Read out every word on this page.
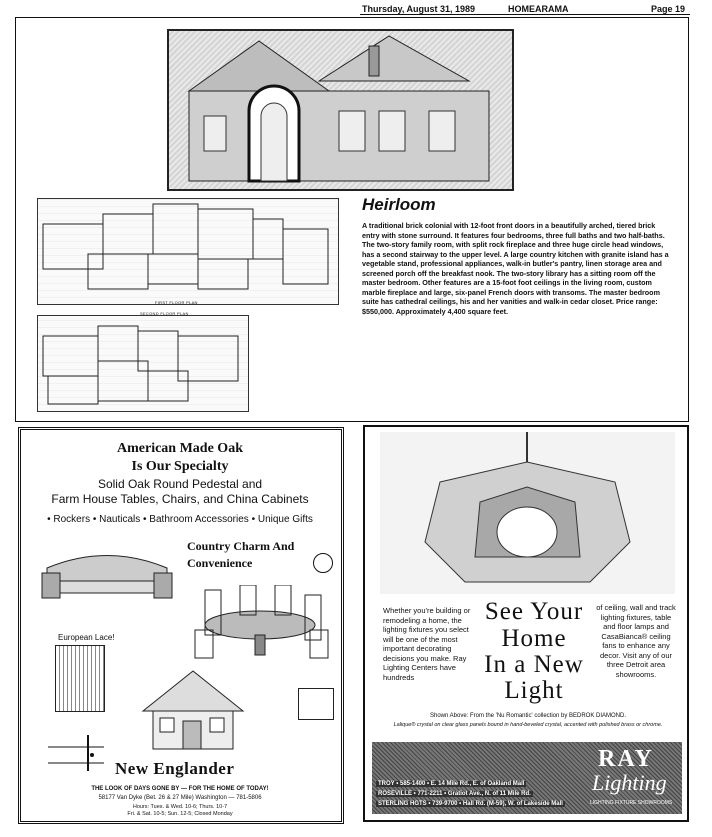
Thursday, August 31, 1989	HOMEARAMA	Page 19
FIRST FLOOR PLAN
SECOND FLOOR PLAN
Heirloom
A traditional brick colonial with 12-foot front doors in a beautifully arched, tiered brick entry with stone surround. It features four bedrooms, three full baths and two half-baths. The two-story family room, with split rock fireplace and three huge circle head windows, has a second stairway to the upper level. A large country kitchen with granite island has a vegetable stand, professional appliances, walk-in butler's pantry, linen storage area and screened porch off the breakfast nook. The two-story library has a sitting room off the master bedroom. Other features are a 15-foot foot ceilings in the living room, custom marble fireplace and large, six-panel French doors with transoms. The master bedroom suite has cathedral ceilings, his and her vanities and walk-in cedar closet. Price range: $550,000. Approximately 4,400 square feet.
American Made Oak
Is Our Specialty
Solid Oak Round Pedestal and
Farm House Tables, Chairs, and China Cabinets
• Rockers • Nauticals • Bathroom Accessories • Unique Gifts
Country Charm And
Convenience
European Lace!
New Englander
THE LOOK OF DAYS GONE BY — FOR THE HOME OF TODAY!
58177 Van Dyke (Bet. 26 & 27 Mile) Washington — 781-5806
Hours: Tues. & Wed. 10-6; Thurs. 10-7
Fri. & Sat. 10-5; Sun. 12-5; Closed Monday
Whether you're building or remodeling a home, the lighting fixtures you select will be one of the most important decorating decisions you make. Ray Lighting Centers have hundreds
See Your
Home
In a New
Light
of ceiling, wall and track lighting fixtures, table and floor lamps and CasaBianca® ceiling fans to enhance any decor. Visit any of our three Detroit area showrooms.
Shown Above: From the 'Nu Romantic' collection by BEDROK DIAMOND.
Lalique® crystal on clear glass panels bound in hand-beveled crystal, accented with polished brass or chrome.
RAY
Lighting
LIGHTING FIXTURE SHOWROOMS
TROY • 585-1400 • E. 14 Mile Rd., E. of Oakland Mall
ROSEVILLE • 771-2211 • Gratiot Ave., N. of 11 Mile Rd.
STERLING HGTS • 739-9700 • Hall Rd. (M-59), W. of Lakeside Mall
